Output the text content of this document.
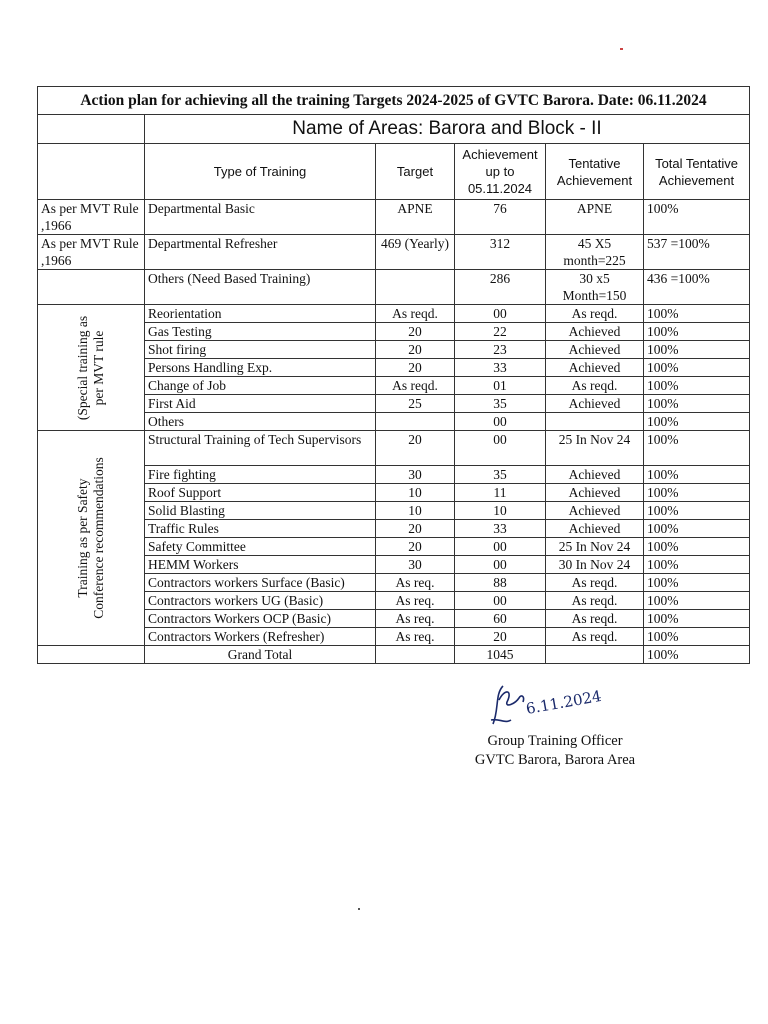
Action plan for achieving all the training Targets 2024-2025 of GVTC Barora. Date: 06.11.2024					
	Name of Areas: Barora and Block - II				
	Type of Training	Target	Achievement up to 05.11.2024	Tentative Achievement	Total Tentative Achievement
As per MVT Rule ,1966	Departmental Basic	APNE	76	APNE	100%
As per MVT Rule ,1966	Departmental Refresher	469 (Yearly)	312	45 X5 month=225	537 =100%
	Others (Need Based Training)		286	30 x5 Month=150	436 =100%

(Special training as per MVT rule	Reorientation	As reqd.	00	As reqd.	100%
	Gas Testing	20	22	Achieved	100%
	Shot firing	20	23	Achieved	100%
	Persons Handling Exp.	20	33	Achieved	100%
	Change of Job	As reqd.	01	As reqd.	100%
	First Aid	25	35	Achieved	100%
	Others		00		100%

Training as per Safety Conference recommendations	Structural Training of Tech Supervisors	20	00	25 In Nov 24	100%
	Fire fighting	30	35	Achieved	100%
	Roof Support	10	11	Achieved	100%
	Solid Blasting	10	10	Achieved	100%
	Traffic Rules	20	33	Achieved	100%
	Safety Committee	20	00	25 In Nov 24	100%
	HEMM Workers	30	00	30 In Nov 24	100%
	Contractors workers Surface (Basic)	As req.	88	As reqd.	100%
	Contractors workers UG (Basic)	As req.	00	As reqd.	100%
	Contractors Workers OCP (Basic)	As req.	60	As reqd.	100%
	Contractors Workers (Refresher)	As req.	20	As reqd.	100%
	Grand Total		1045		100%
6.11.2024
Group Training Officer
GVTC Barora, Barora Area
